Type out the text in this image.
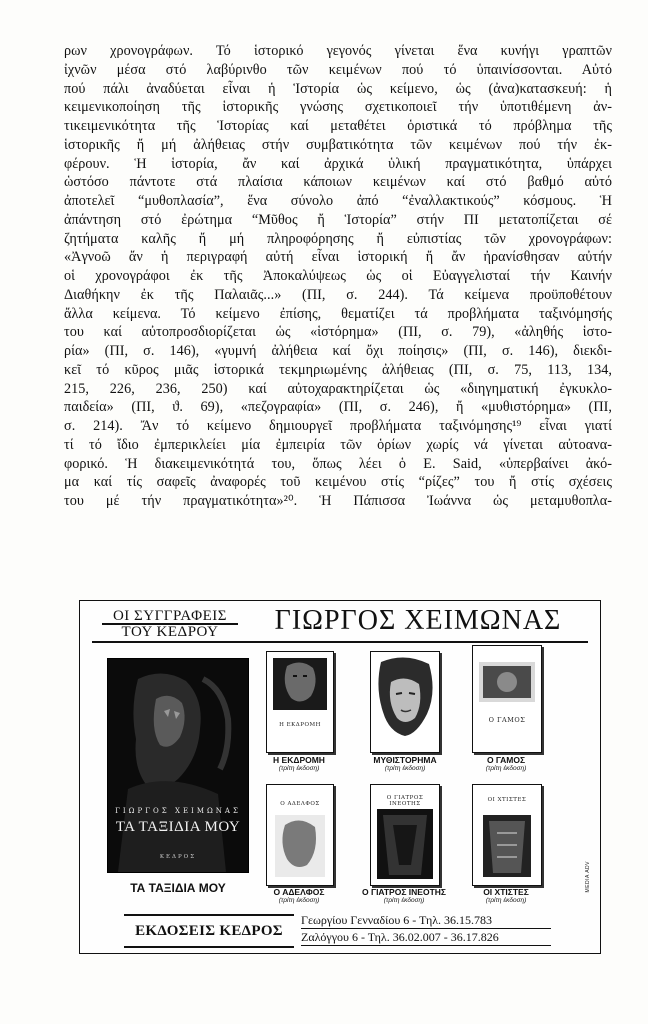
ρων χρονογράφων. Τό ἱστορικό γεγονός γίνεται ἕνα κυνήγι γραπτῶν
ἰχνῶν μέσα στό λαβύρινθο τῶν κειμένων πού τό ὑπαινίσσονται. Αὐτό
πού πάλι ἀναδύεται εἶναι ἡ Ἱστορία ὡς κείμενο, ὡς (ἀνα)κατασκευή: ἡ
κειμενικοποίηση τῆς ἱστορικῆς γνώσης σχετικοποιεῖ τήν ὑποτιθέμενη ἀν-
τικειμενικότητα τῆς Ἱστορίας καί μεταθέτει ὁριστικά τό πρόβλημα τῆς
ἱστορικῆς ἤ μή ἀλήθειας στήν συμβατικότητα τῶν κειμένων πού τήν ἐκ-
φέρουν. Ἡ ἱστορία, ἄν καί ἀρχικά ὑλική πραγματικότητα, ὑπάρχει
ὡστόσο πάντοτε στά πλαίσια κάποιων κειμένων καί στό βαθμό αὐτό
ἀποτελεῖ “μυθοπλασία”, ἕνα σύνολο ἀπό “ἐναλλακτικούς” κόσμους. Ἡ
ἀπάντηση στό ἐρώτημα “Μῦθος ἤ Ἱστορία” στήν ΠΙ μετατοπίζεται σέ
ζητήματα καλῆς ἤ μή πληροφόρησης ἤ εὐπιστίας τῶν χρονογράφων:
«Ἀγνοῶ ἄν ἡ περιγραφή αὐτή εἶναι ἱστορική ἤ ἄν ἠρανίσθησαν αὐτήν
οἱ χρονογράφοι ἐκ τῆς Ἀποκαλύψεως ὡς οἱ Εὐαγγελισταί τήν Καινήν
Διαθήκην ἐκ τῆς Παλαιᾶς...» (ΠΙ, σ. 244). Τά κείμενα προϋποθέτουν
ἄλλα κείμενα. Τό κείμενο ἐπίσης, θεματίζει τά προβλήματα ταξινόμησής
του καί αὐτοπροσδιορίζεται ὡς «ἱστόρημα» (ΠΙ, σ. 79), «ἀληθής ἱστο-
ρία» (ΠΙ, σ. 146), «γυμνή ἀλήθεια καί ὄχι ποίησις» (ΠΙ, σ. 146), διεκδι-
κεῖ τό κῦρος μιᾶς ἱστορικά τεκμηριωμένης ἀλήθειας (ΠΙ, σ. 75, 113, 134,
215, 226, 236, 250) καί αὐτοχαρακτηρίζεται ὡς «διηγηματική ἐγκυκλο-
παιδεία» (ΠΙ, ϑ. 69), «πεζογραφία» (ΠΙ, σ. 246), ἤ «μυθιστόρημα» (ΠΙ,
σ. 214). Ἄν τό κείμενο δημιουργεῖ προβλήματα ταξινόμησης¹⁹ εἶναι γιατί
τί τό ἴδιο ἐμπερικλείει μία ἐμπειρία τῶν ὁρίων χωρίς νά γίνεται αὐτοανα-
φορικό. Ἡ διακειμενικότητά του, ὅπως λέει ὁ E. Said, «ὑπερβαίνει ἀκό-
μα καί τίς σαφεῖς ἀναφορές τοῦ κειμένου στίς “ρίζες” του ἤ στίς σχέσεις
του μέ τήν πραγματικότητα»²⁰. Ἡ Πάπισσα Ἰωάννα ὡς μεταμυθοπλα-
ΟΙ ΣΥΓΓΡΑΦΕΙΣ
ΤΟΥ ΚΕΔΡΟΥ	ΓΙΩΡΓΟΣ ΧΕΙΜΩΝΑΣ
ΓΙΩΡΓΟΣ ΧΕΙΜΩΝΑΣ
ΤΑ ΤΑΞΙΔΙΑ ΜΟΥ
ΚΕΔΡΟΣ
ΤΑ ΤΑΞΙΔΙΑ ΜΟΥ
Η ΕΚΔΡΟΜΗ
Η ΕΚΔΡΟΜΗ
(τρίτη έκδοση)
ΜΥΘΙΣΤΟΡΗΜΑ
(τρίτη έκδοση)
Ο ΓΑΜΟΣ
Ο ΓΑΜΟΣ
(τρίτη έκδοση)
Ο ΑΔΕΛΦΟΣ
Ο ΑΔΕΛΦΟΣ
(τρίτη έκδοση)
Ο ΓΙΑΤΡΟΣ ΙΝΕΟΤΗΣ
Ο ΓΙΑΤΡΟΣ ΙΝΕΟΤΗΣ
(τρίτη έκδοση)
ΟΙ ΧΤΙΣΤΕΣ
ΟΙ ΧΤΙΣΤΕΣ
(τρίτη έκδοση)
MEDIA ADV
ΕΚΔΟΣΕΙΣ ΚΕΔΡΟΣ
Γεωργίου Γενναδίου 6 - Τηλ. 36.15.783
Ζαλόγγου 6 - Τηλ. 36.02.007 - 36.17.826
